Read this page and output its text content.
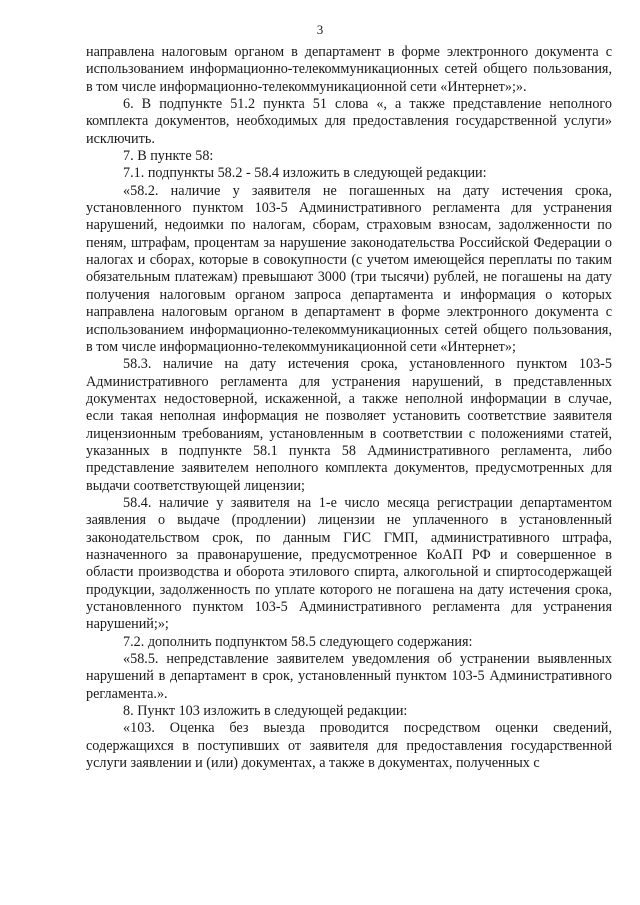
3

направлена налоговым органом в департамент в форме электронного документа с использованием информационно-телекоммуникационных сетей общего пользования, в том числе информационно-телекоммуникационной сети «Интернет»;».

6. В подпункте 51.2 пункта 51 слова «, а также представление неполного комплекта документов, необходимых для предоставления государственной услуги» исключить.

7. В пункте 58:

7.1. подпункты 58.2 - 58.4 изложить в следующей редакции:

«58.2. наличие у заявителя не погашенных на дату истечения срока, установленного пунктом 103-5 Административного регламента для устранения нарушений, недоимки по налогам, сборам, страховым взносам, задолженности по пеням, штрафам, процентам за нарушение законодательства Российской Федерации о налогах и сборах, которые в совокупности (с учетом имеющейся переплаты по таким обязательным платежам) превышают 3000 (три тысячи) рублей, не погашены на дату получения налоговым органом запроса департамента и информация о которых направлена налоговым органом в департамент в форме электронного документа с использованием информационно-телекоммуникационных сетей общего пользования, в том числе информационно-телекоммуникационной сети «Интернет»;

58.3. наличие на дату истечения срока, установленного пунктом 103-5 Административного регламента для устранения нарушений, в представленных документах недостоверной, искаженной, а также неполной информации в случае, если такая неполная информация не позволяет установить соответствие заявителя лицензионным требованиям, установленным в соответствии с положениями статей, указанных в подпункте 58.1 пункта 58 Административного регламента, либо представление заявителем неполного комплекта документов, предусмотренных для выдачи соответствующей лицензии;

58.4. наличие у заявителя на 1-е число месяца регистрации департаментом заявления о выдаче (продлении) лицензии не уплаченного в установленный законодательством срок, по данным ГИС ГМП, административного штрафа, назначенного за правонарушение, предусмотренное КоАП РФ и совершенное в области производства и оборота этилового спирта, алкогольной и спиртосодержащей продукции, задолженность по уплате которого не погашена на дату истечения срока, установленного пунктом 103-5 Административного регламента для устранения нарушений;»;

7.2. дополнить подпунктом 58.5 следующего содержания:

«58.5. непредставление заявителем уведомления об устранении выявленных нарушений в департамент в срок, установленный пунктом 103-5 Административного регламента.».

8. Пункт 103 изложить в следующей редакции:

«103. Оценка без выезда проводится посредством оценки сведений, содержащихся в поступивших от заявителя для предоставления государственной услуги заявлении и (или) документах, а также в документах, полученных с
